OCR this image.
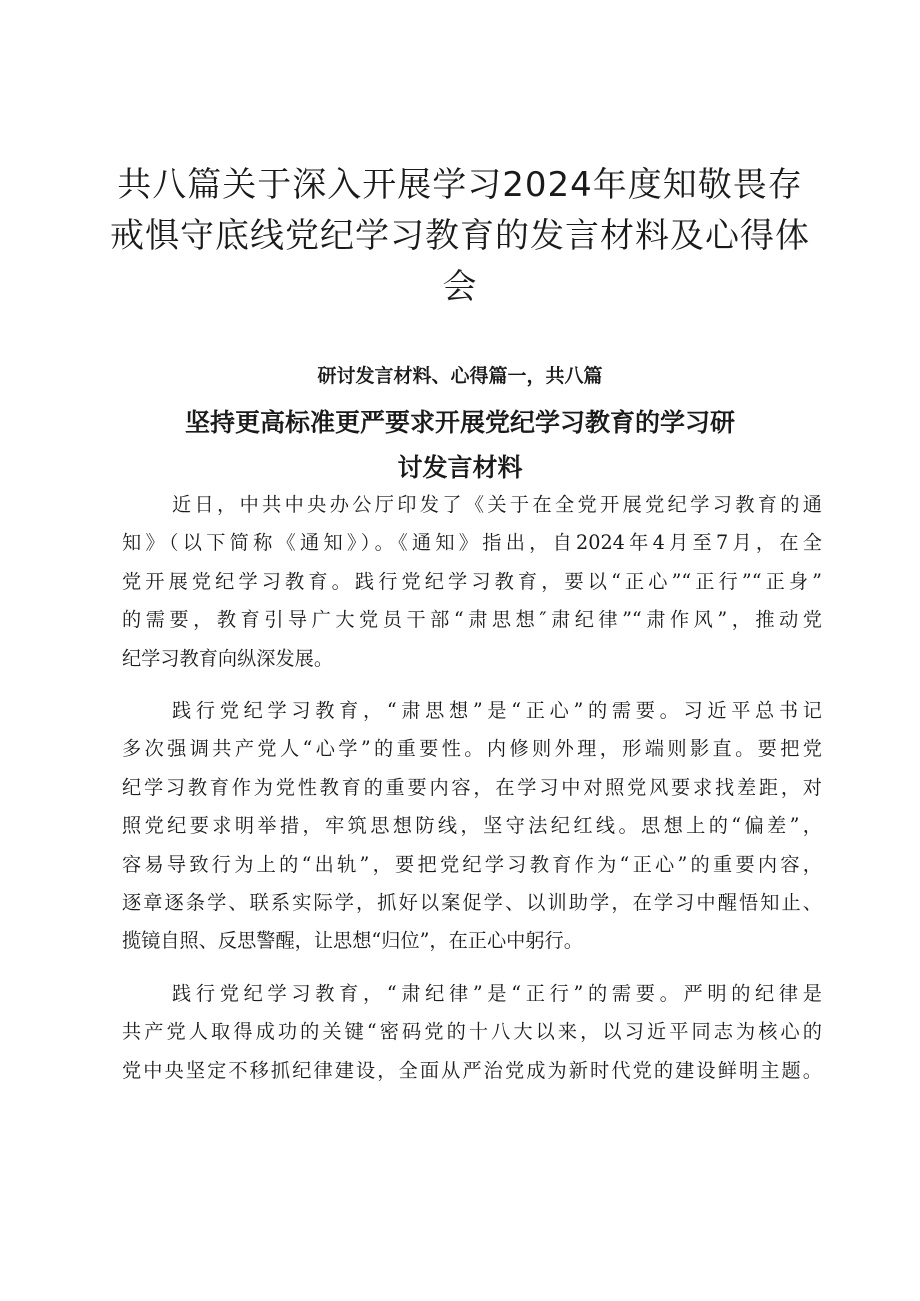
共八篇关于深入开展学习2024年度知敬畏存
戒惧守底线党纪学习教育的发言材料及心得体
会

研讨发言材料、心得篇一，共八篇

坚持更高标准更严要求开展党纪学习教育的学习研
讨发言材料

近日，中共中央办公厅印发了《关于在全党开展党纪学习教育的通
知》（以下简称《通知》）。《通知》指出，自2024年4月至7月，在全
党开展党纪学习教育。践行党纪学习教育，要以“正心”“正行”“正身”
的需要，教育引导广大党员干部“肃思想″肃纪律”“肃作风”，推动党
纪学习教育向纵深发展。

践行党纪学习教育，“肃思想”是“正心”的需要。习近平总书记
多次强调共产党人“心学”的重要性。内修则外理，形端则影直。要把党
纪学习教育作为党性教育的重要内容，在学习中对照党风要求找差距，对
照党纪要求明举措，牢筑思想防线，坚守法纪红线。思想上的“偏差”，
容易导致行为上的“出轨”，要把党纪学习教育作为“正心”的重要内容，
逐章逐条学、联系实际学，抓好以案促学、以训助学，在学习中醒悟知止、
揽镜自照、反思警醒，让思想“归位”，在正心中躬行。

践行党纪学习教育，“肃纪律”是“正行”的需要。严明的纪律是
共产党人取得成功的关键“密码党的十八大以来，以习近平同志为核心的
党中央坚定不移抓纪律建设，全面从严治党成为新时代党的建设鲜明主题。
